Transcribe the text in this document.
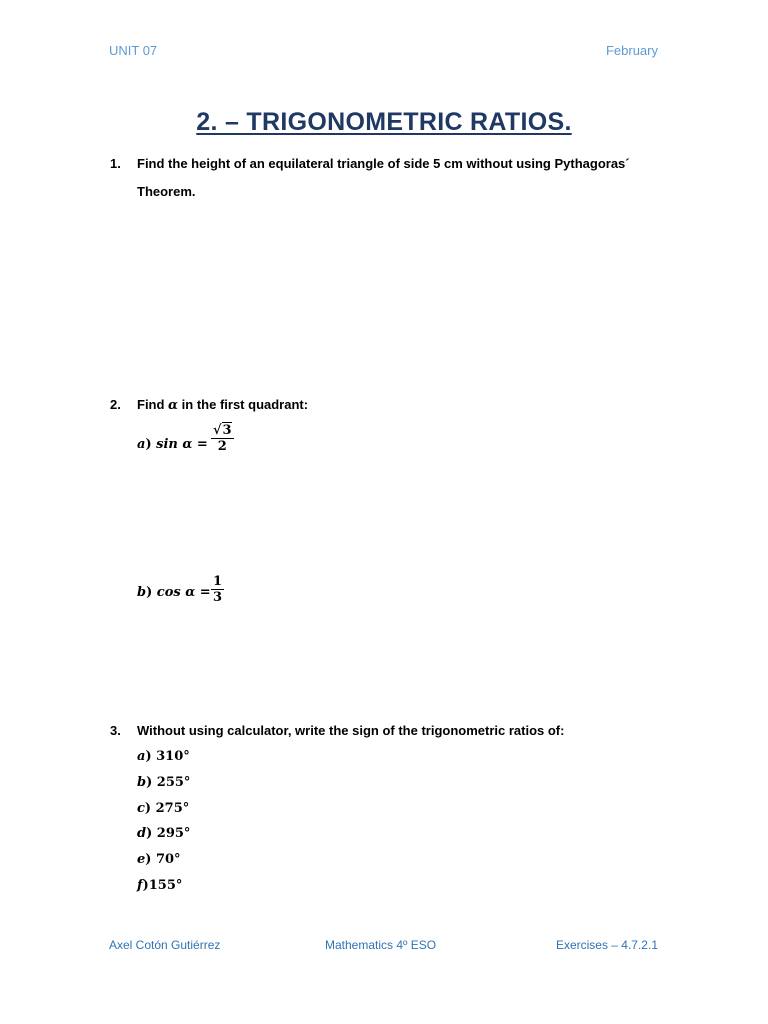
UNIT 07	February
2. – TRIGONOMETRIC RATIOS.
1.	Find the height of an equilateral triangle of side 5 cm without using Pythagoras´
Theorem.
2.	Find α in the first quadrant:
a) sin α =
√3
2
b) cos α =
1
3
3.	Without using calculator, write the sign of the trigonometric ratios of:
a) 310°
b) 255°
c) 275°
d) 295°
e) 70°
f)155°
Axel Cotón Gutiérrez	Mathematics 4º ESO	Exercises – 4.7.2.1
